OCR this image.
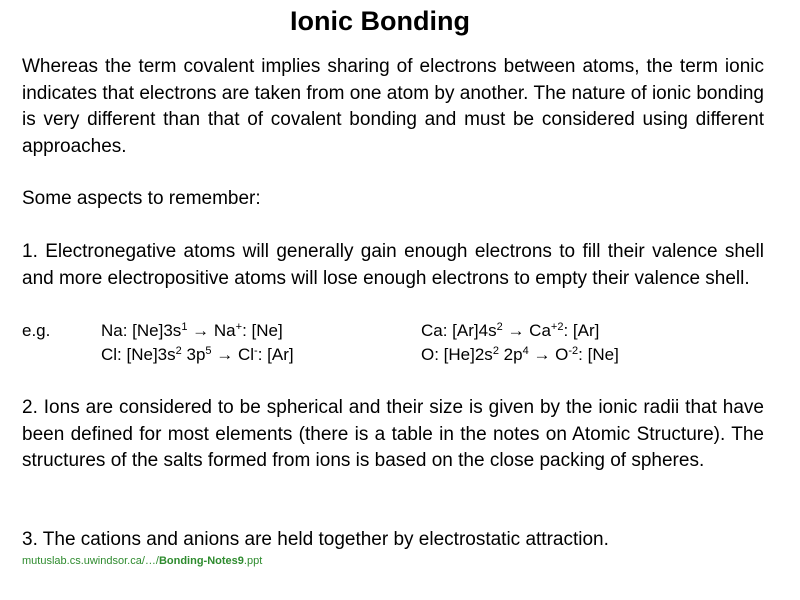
Ionic Bonding
Whereas the term covalent implies sharing of electrons between atoms, the term ionic indicates that electrons are taken from one atom by another. The nature of ionic bonding is very different than that of covalent bonding and must be considered using different approaches.
Some aspects to remember:
1. Electronegative atoms will generally gain enough electrons to fill their valence shell and more electropositive atoms will lose enough electrons to empty their valence shell.
e.g.	Na: $[Ne]3s^1 \to Na^+$: [Ne]	Ca: $[Ar]4s^2 \to Ca^{+2}$: [Ar]
Cl: $[Ne]3s^2$ $3p^5 \to Cl^-$: [Ar]	O: $[He]2s^2$ $2p^4 \to O^{-2}$: [Ne]
2. Ions are considered to be spherical and their size is given by the ionic radii that have been defined for most elements (there is a table in the notes on Atomic Structure). The structures of the salts formed from ions is based on the close packing of spheres.
3. The cations and anions are held together by electrostatic attraction.
mutuslab.cs.uwindsor.ca/…/Bonding-Notes9.ppt
